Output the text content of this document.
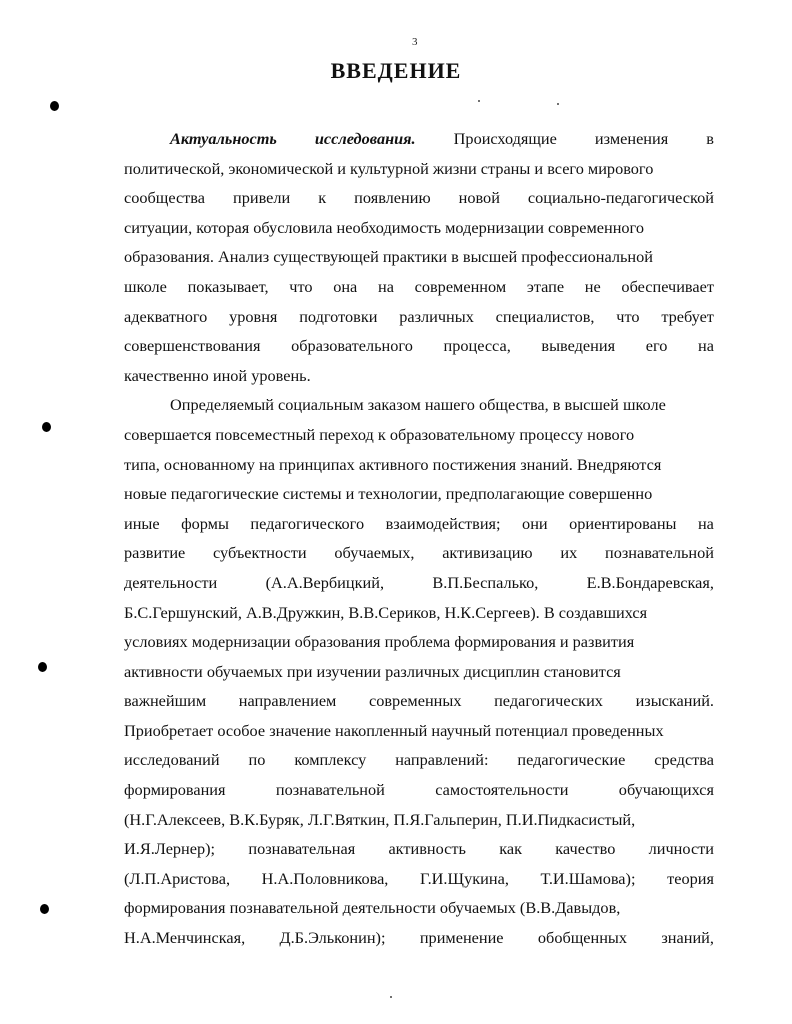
3
ВВЕДЕНИЕ
Актуальность исследования. Происходящие изменения в
политической, экономической и культурной жизни страны и всего мирового
сообщества привели к появлению новой социально-педагогической
ситуации, которая обусловила необходимость модернизации современного
образования. Анализ существующей практики в высшей профессиональной
школе показывает, что она на современном этапе не обеспечивает
адекватного уровня подготовки различных специалистов, что требует
совершенствования образовательного процесса, выведения его на
качественно иной уровень.
Определяемый социальным заказом нашего общества, в высшей школе
совершается повсеместный переход к образовательному процессу нового
типа, основанному на принципах активного постижения знаний. Внедряются
новые педагогические системы и технологии, предполагающие совершенно
иные формы педагогического взаимодействия; они ориентированы на
развитие субъектности обучаемых, активизацию их познавательной
деятельности	(А.А.Вербицкий,	В.П.Беспалько,	Е.В.Бондаревская,
Б.С.Гершунский, А.В.Дружкин, В.В.Сериков, Н.К.Сергеев). В создавшихся
условиях модернизации образования проблема формирования и развития
активности обучаемых при изучении различных дисциплин становится
важнейшим направлением современных педагогических изысканий.
Приобретает особое значение накопленный научный потенциал проведенных
исследований по комплексу направлений: педагогические средства
формирования	познавательной	самостоятельности	обучающихся
(Н.Г.Алексеев, В.К.Буряк, Л.Г.Вяткин, П.Я.Гальперин, П.И.Пидкасистый,
И.Я.Лернер); познавательная активность как качество личности
(Л.П.Аристова, Н.А.Половникова, Г.И.Щукина, Т.И.Шамова); теория
формирования познавательной деятельности обучаемых (В.В.Давыдов,
Н.А.Менчинская, Д.Б.Эльконин); применение обобщенных знаний,
